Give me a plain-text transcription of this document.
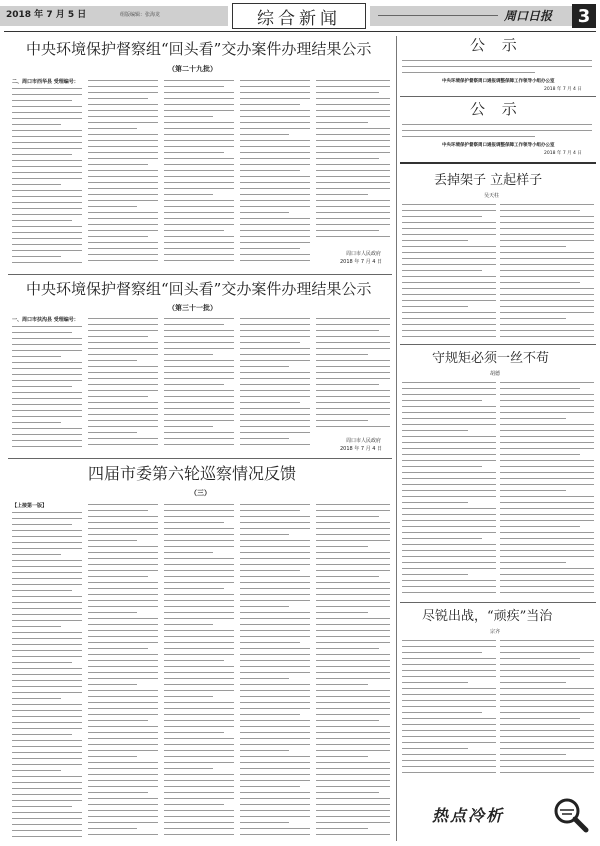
2018 年 7 月 5 日	组版编辑：张海龙	综合新闻	周口日报 3
中央环境保护督察组“回头看”交办案件办理结果公示
（第二十九批）
二、周口市西华县 受理编号：
周口市人民政府
2018 年 7 月 4 日
中央环境保护督察组“回头看”交办案件办理结果公示
（第三十一批）
一、周口市扶沟县 受理编号：
周口市人民政府
2018 年 7 月 4 日
四届市委第六轮巡察情况反馈
（三）
【上接第一版】
公 示
中央环境保护督察周口通报调整保障工作领导小组办公室
2018 年 7 月 4 日
公 示
中央环境保护督察周口通报调整保障工作领导小组办公室
2018 年 7 月 4 日
丢掉架子 立起样子
吴天柱
守规矩必须一丝不苟
胡德
尽锐出战，“顽疾”当治
宗齐
热点冷析
